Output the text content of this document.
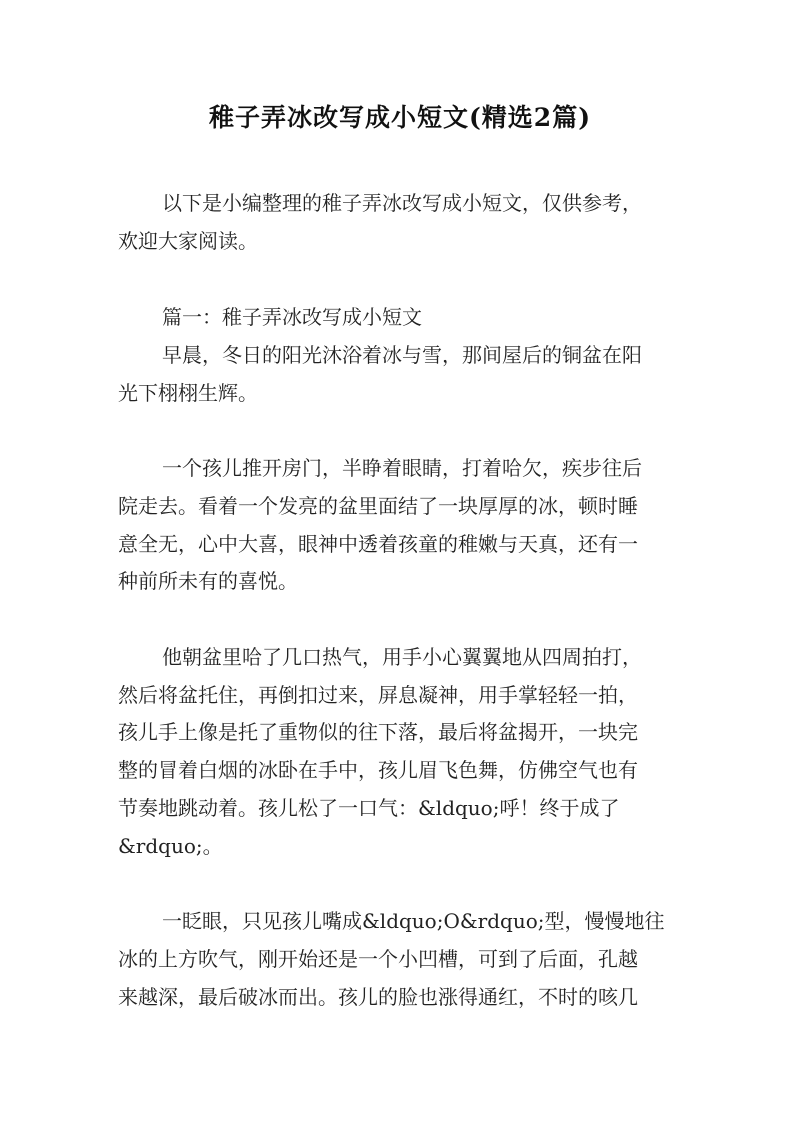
稚子弄冰改写成小短文(精选2篇)
以下是小编整理的稚子弄冰改写成小短文，仅供参考，
欢迎大家阅读。
篇一：稚子弄冰改写成小短文
早晨，冬日的阳光沐浴着冰与雪，那间屋后的铜盆在阳
光下栩栩生辉。
一个孩儿推开房门，半睁着眼睛，打着哈欠，疾步往后
院走去。看着一个发亮的盆里面结了一块厚厚的冰，顿时睡
意全无，心中大喜，眼神中透着孩童的稚嫩与天真，还有一
种前所未有的喜悦。
他朝盆里哈了几口热气，用手小心翼翼地从四周拍打，
然后将盆托住，再倒扣过来，屏息凝神，用手掌轻轻一拍，
孩儿手上像是托了重物似的往下落，最后将盆揭开，一块完
整的冒着白烟的冰卧在手中，孩儿眉飞色舞，仿佛空气也有
节奏地跳动着。孩儿松了一口气：&ldquo;呼！终于成了
&rdquo;。
一眨眼，只见孩儿嘴成&ldquo;O&rdquo;型，慢慢地往
冰的上方吹气，刚开始还是一个小凹槽，可到了后面，孔越
来越深，最后破冰而出。孩儿的脸也涨得通红，不时的咳几
